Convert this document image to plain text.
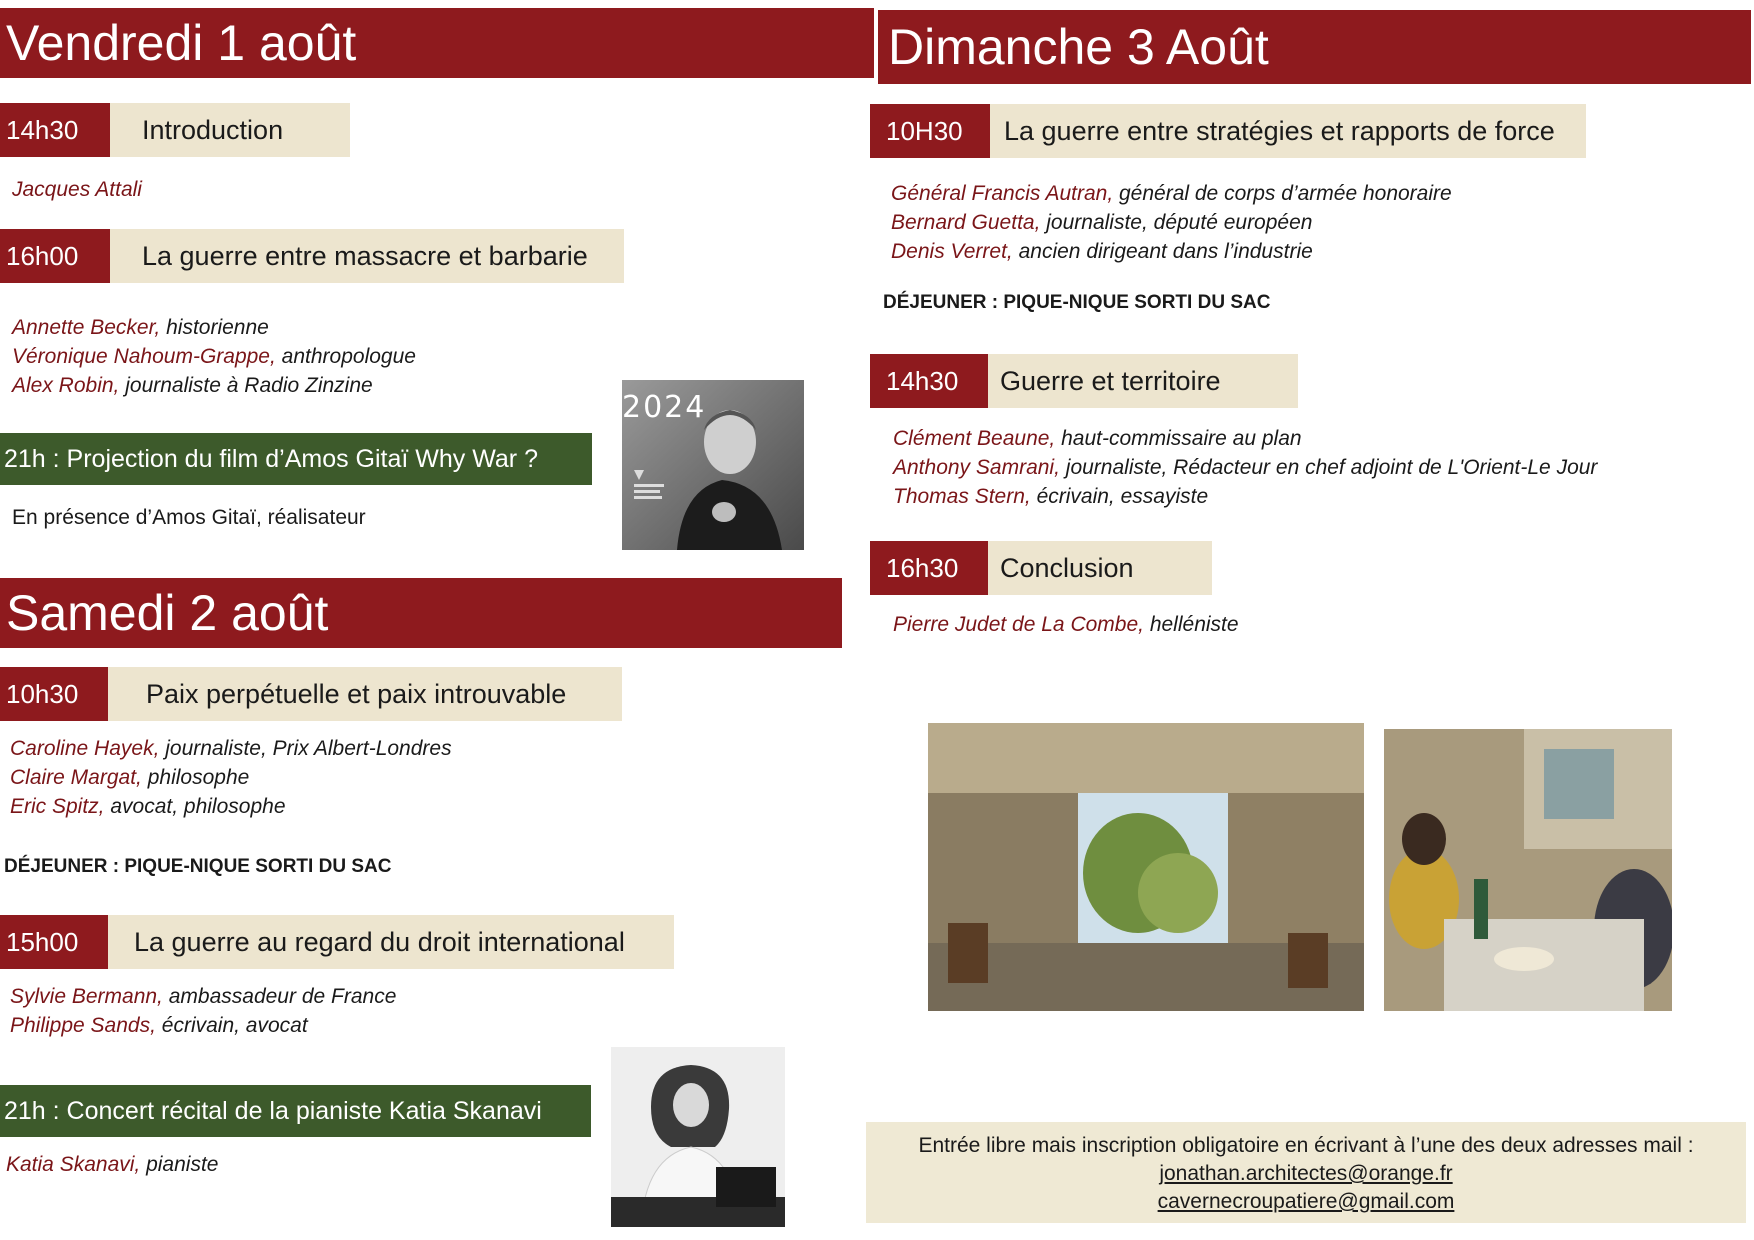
Vendredi 1 août
14h30	Introduction
Jacques Attali
16h00	La guerre entre massacre et barbarie
Annette Becker, historienne
Véronique Nahoum-Grappe, anthropologue
Alex Robin, journaliste à Radio Zinzine
21h : Projection du film d’Amos Gitaï Why War ?
En présence d’Amos Gitaï, réalisateur
2024
Samedi 2 août
10h30	Paix perpétuelle et paix introuvable
Caroline Hayek, journaliste, Prix Albert-Londres
Claire Margat, philosophe
Eric Spitz, avocat, philosophe
DÉJEUNER : PIQUE-NIQUE SORTI DU SAC
15h00	La guerre au regard du droit international
Sylvie Bermann, ambassadeur de France
Philippe Sands, écrivain, avocat
21h : Concert récital de la pianiste Katia Skanavi
Katia Skanavi, pianiste
Dimanche 3 Août
10H30	La guerre entre stratégies et rapports de force
Général Francis Autran, général de corps d’armée honoraire
Bernard Guetta, journaliste, député européen
Denis Verret, ancien dirigeant dans l’industrie
DÉJEUNER : PIQUE-NIQUE SORTI DU SAC
14h30	Guerre et territoire
Clément Beaune, haut-commissaire au plan
Anthony Samrani, journaliste, Rédacteur en chef adjoint de L'Orient-Le Jour
Thomas Stern, écrivain, essayiste
16h30	Conclusion
Pierre Judet de La Combe, helléniste
Entrée libre mais inscription obligatoire en écrivant à l’une des deux adresses mail :
jonathan.architectes@orange.fr
cavernecroupatiere@gmail.com
